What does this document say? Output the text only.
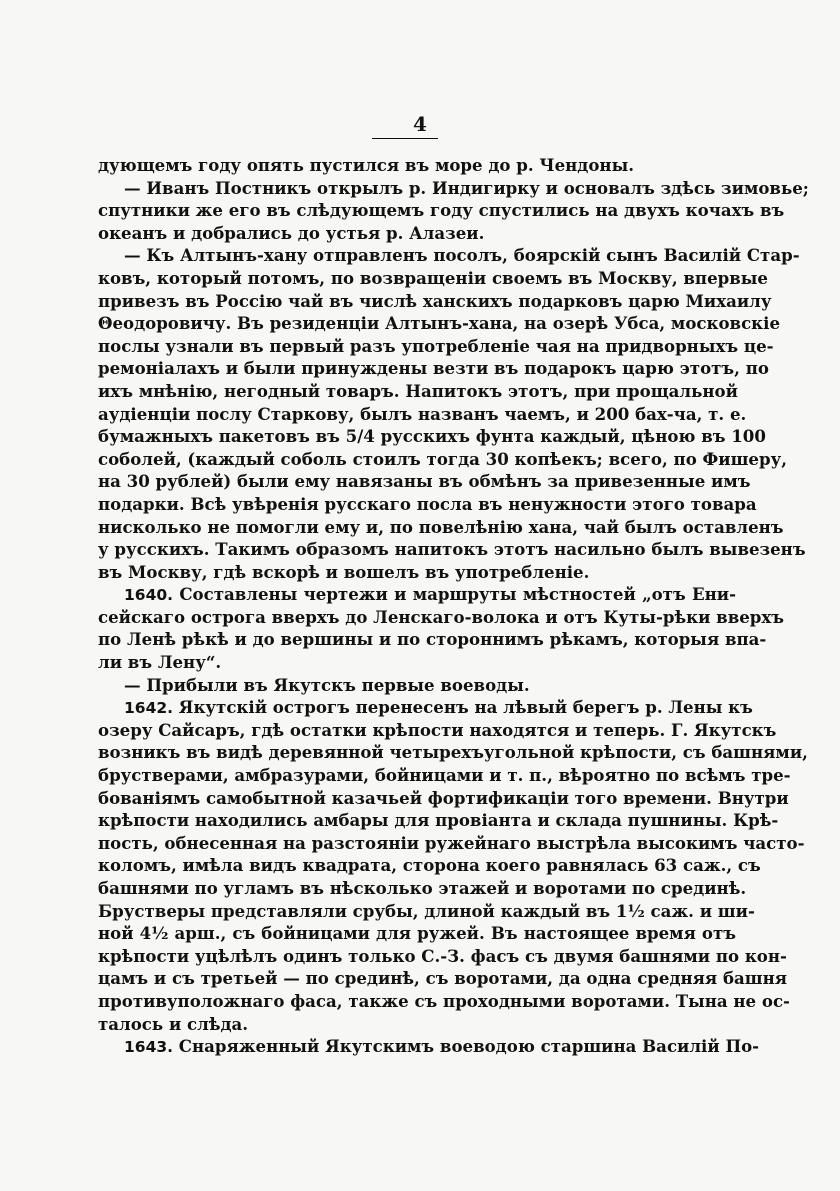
4
дующемъ году опять пустился въ море до р. Чендоны.
— Иванъ Постникъ открылъ р. Индигирку и основалъ здѣсь зимовье;
спутники же его въ слѣдующемъ году спустились на двухъ кочахъ въ
океанъ и добрались до устья р. Алазеи.
— Къ Алтынъ-хану отправленъ посолъ, боярскій сынъ Василій Стар-
ковъ, который потомъ, по возвращеніи своемъ въ Москву, впервые
привезъ въ Россію чай въ числѣ ханскихъ подарковъ царю Михаилу
Θеодоровичу. Въ резиденціи Алтынъ-хана, на озерѣ Убса, московскіе
послы узнали въ первый разъ употребленіе чая на придворныхъ це-
ремоніалахъ и были принуждены везти въ подарокъ царю этотъ, по
ихъ мнѣнію, негодный товаръ. Напитокъ этотъ, при прощальной
аудіенціи послу Старкову, былъ названъ чаемъ, и 200 бах-ча, т. е.
бумажныхъ пакетовъ въ 5/4 русскихъ фунта каждый, цѣною въ 100
соболей, (каждый соболь стоилъ тогда 30 копѣекъ; всего, по Фишеру,
на 30 рублей) были ему навязаны въ обмѣнъ за привезенные имъ
подарки. Всѣ увѣренія русскаго посла въ ненужности этого товара
нисколько не помогли ему и, по повелѣнію хана, чай былъ оставленъ
у русскихъ. Такимъ образомъ напитокъ этотъ насильно былъ вывезенъ
въ Москву, гдѣ вскорѣ и вошелъ въ употребленіе.
1640. Составлены чертежи и маршруты мѣстностей „отъ Ени-
сейскаго острога вверхъ до Ленскаго-волока и отъ Куты-рѣки вверхъ
по Ленѣ рѣкѣ и до вершины и по стороннимъ рѣкамъ, которыя впа-
ли въ Лену“.
— Прибыли въ Якутскъ первые воеводы.
1642. Якутскій острогъ перенесенъ на лѣвый берегъ р. Лены къ
озеру Сайсаръ, гдѣ остатки крѣпости находятся и теперь. Г. Якутскъ
возникъ въ видѣ деревянной четырехъугольной крѣпости, съ башнями,
брустверами, амбразурами, бойницами и т. п., вѣроятно по всѣмъ тре-
бованіямъ самобытной казачьей фортификаціи того времени. Внутри
крѣпости находились амбары для провіанта и склада пушнины. Крѣ-
пость, обнесенная на разстояніи ружейнаго выстрѣла высокимъ часто-
коломъ, имѣла видъ квадрата, сторона коего равнялась 63 саж., съ
башнями по угламъ въ нѣсколько этажей и воротами по срединѣ.
Брустверы представляли срубы, длиной каждый въ 1½ саж. и ши-
ной 4½ арш., съ бойницами для ружей. Въ настоящее время отъ
крѣпости уцѣлѣлъ одинъ только С.-З. фасъ съ двумя башнями по кон-
цамъ и съ третьей — по срединѣ, съ воротами, да одна средняя башня
противуположнаго фаса, также съ проходными воротами. Тына не ос-
талось и слѣда.
1643. Снаряженный Якутскимъ воеводою старшина Василій По-
